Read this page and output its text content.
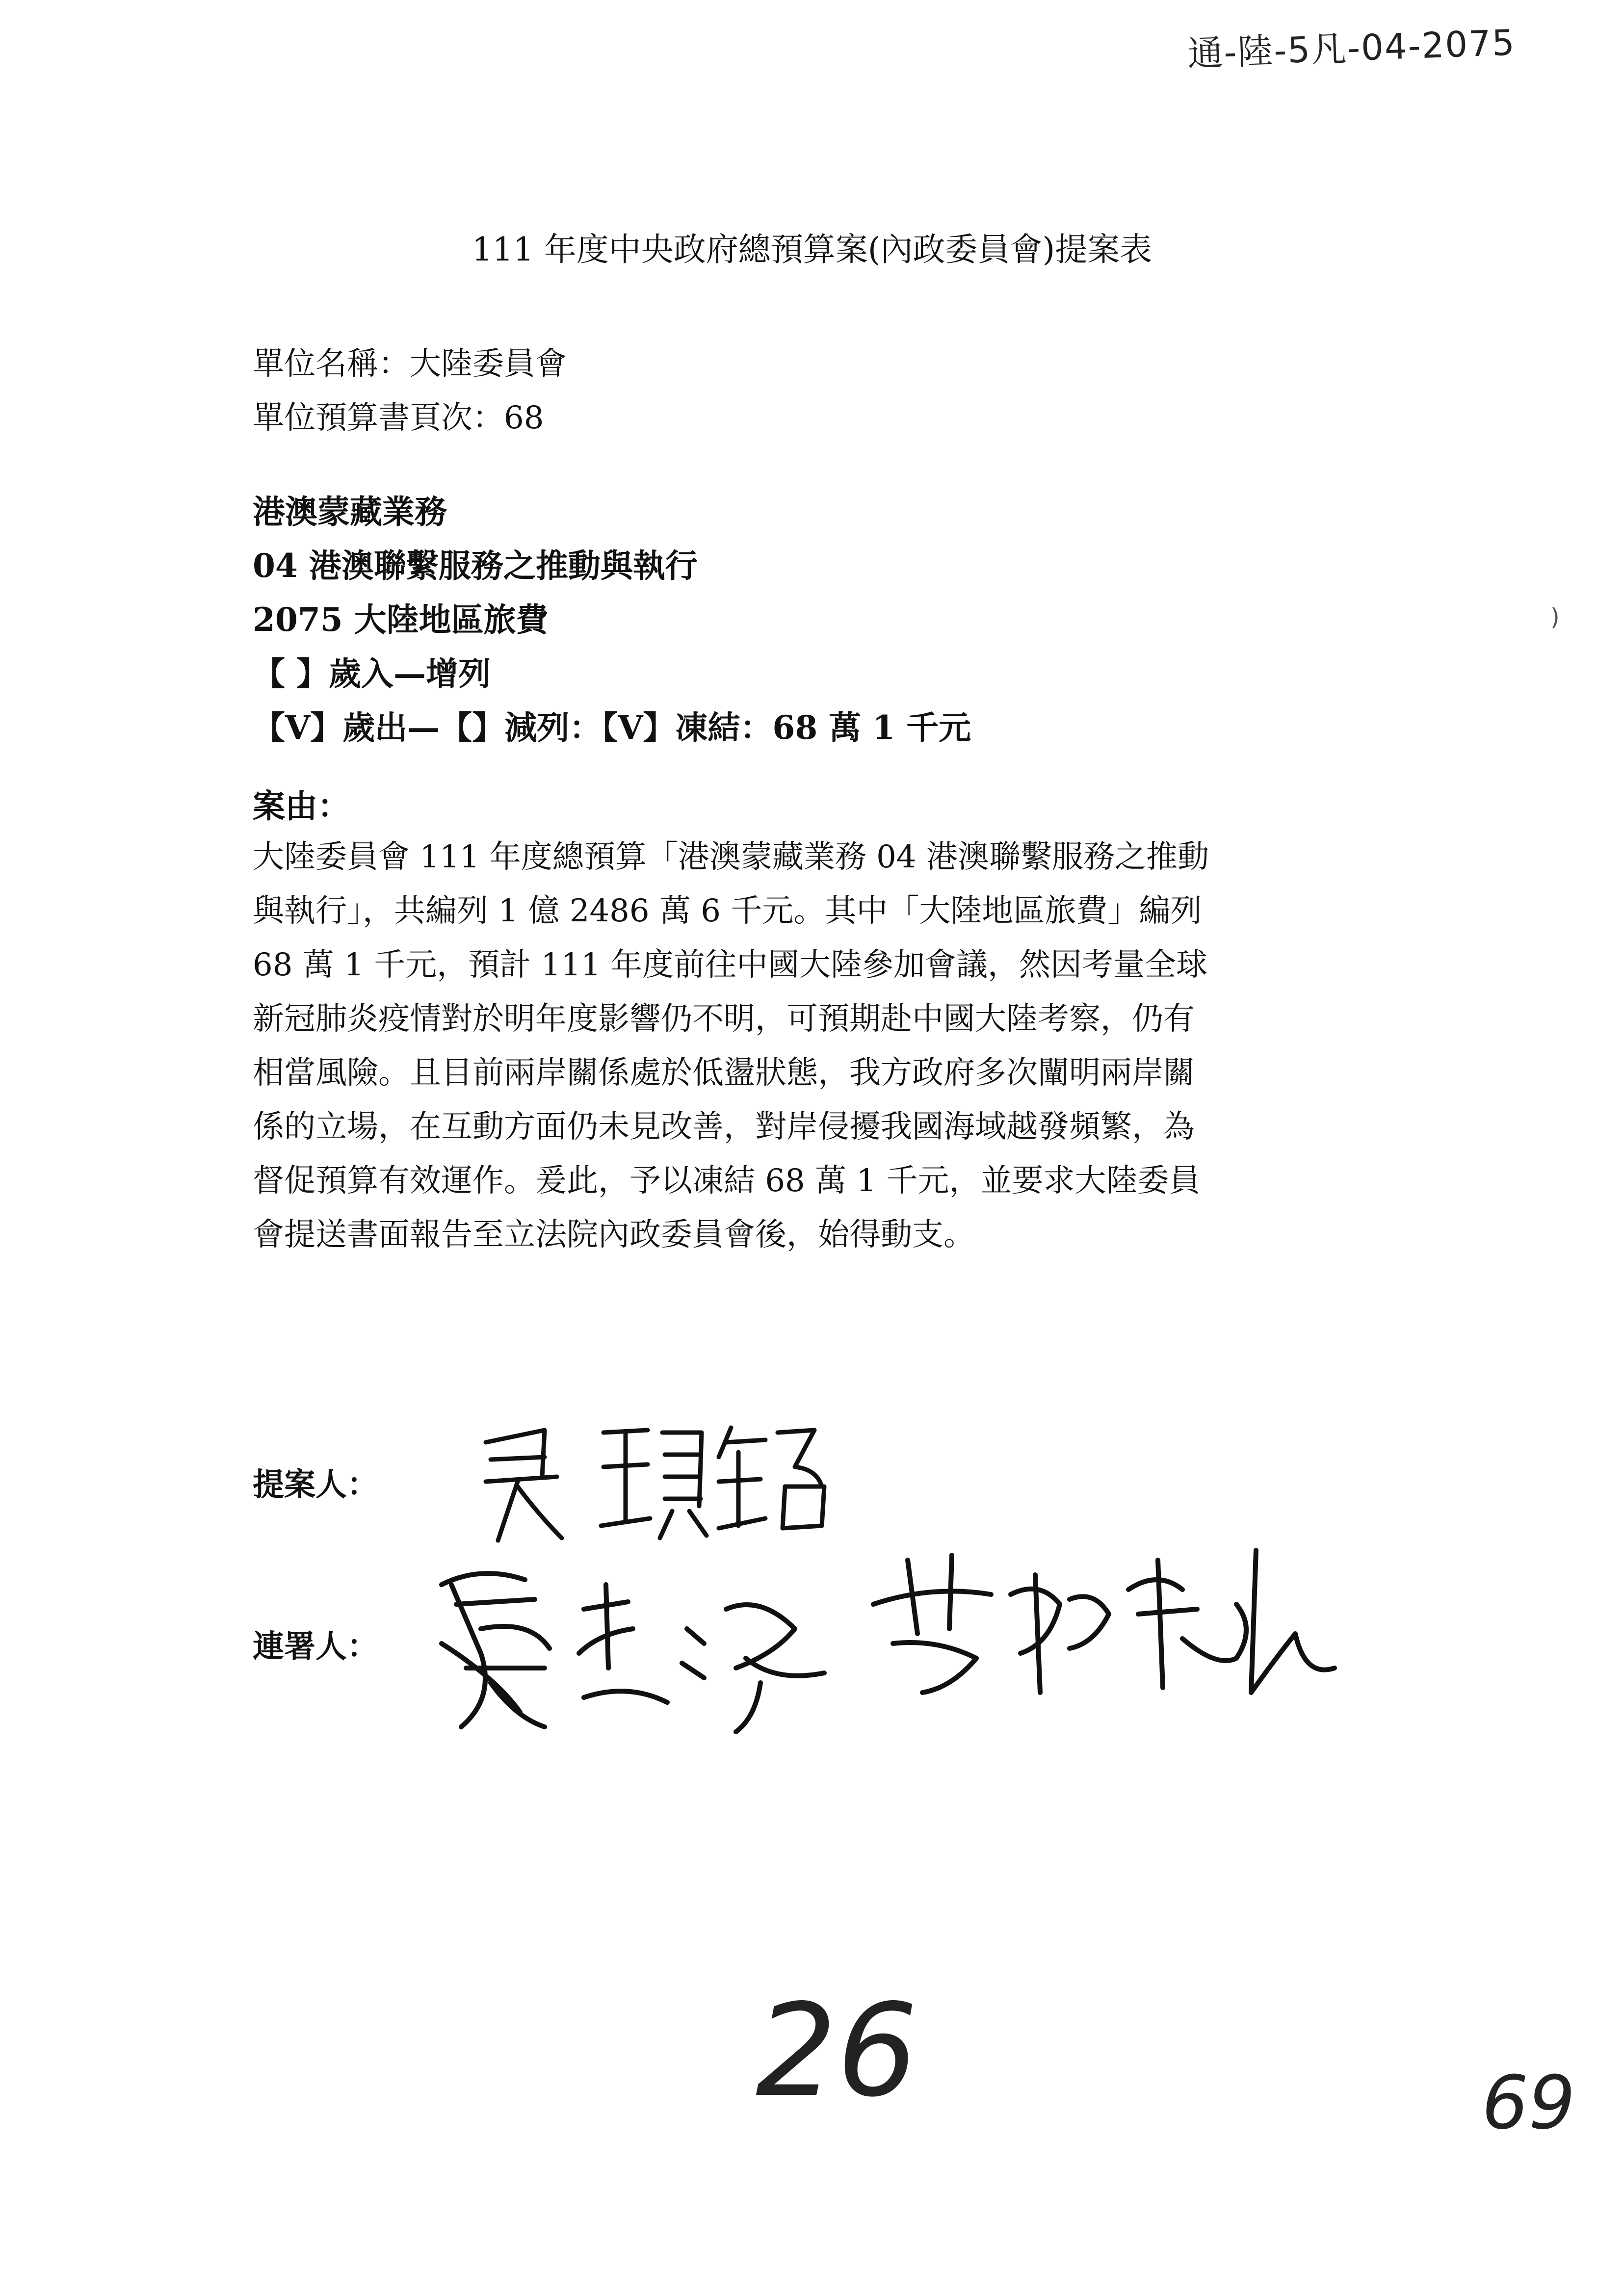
通-陸-5凡-04-2075
111 年度中央政府總預算案(內政委員會)提案表
單位名稱：大陸委員會
單位預算書頁次：68
港澳蒙藏業務
04 港澳聯繫服務之推動與執行
2075 大陸地區旅費
【 】歲入—增列
【V】歲出—【】減列：【V】凍結：68 萬 1 千元
案由：
大陸委員會 111 年度總預算「港澳蒙藏業務 04 港澳聯繫服務之推動
與執行」，共編列 1 億 2486 萬 6 千元。其中「大陸地區旅費」編列
68 萬 1 千元，預計 111 年度前往中國大陸參加會議，然因考量全球
新冠肺炎疫情對於明年度影響仍不明，可預期赴中國大陸考察，仍有
相當風險。且目前兩岸關係處於低盪狀態，我方政府多次闡明兩岸關
係的立場，在互動方面仍未見改善，對岸侵擾我國海域越發頻繁，為
督促預算有效運作。爰此，予以凍結 68 萬 1 千元，並要求大陸委員
會提送書面報告至立法院內政委員會後，始得動支。
提案人：
連署人：
26	69
)
